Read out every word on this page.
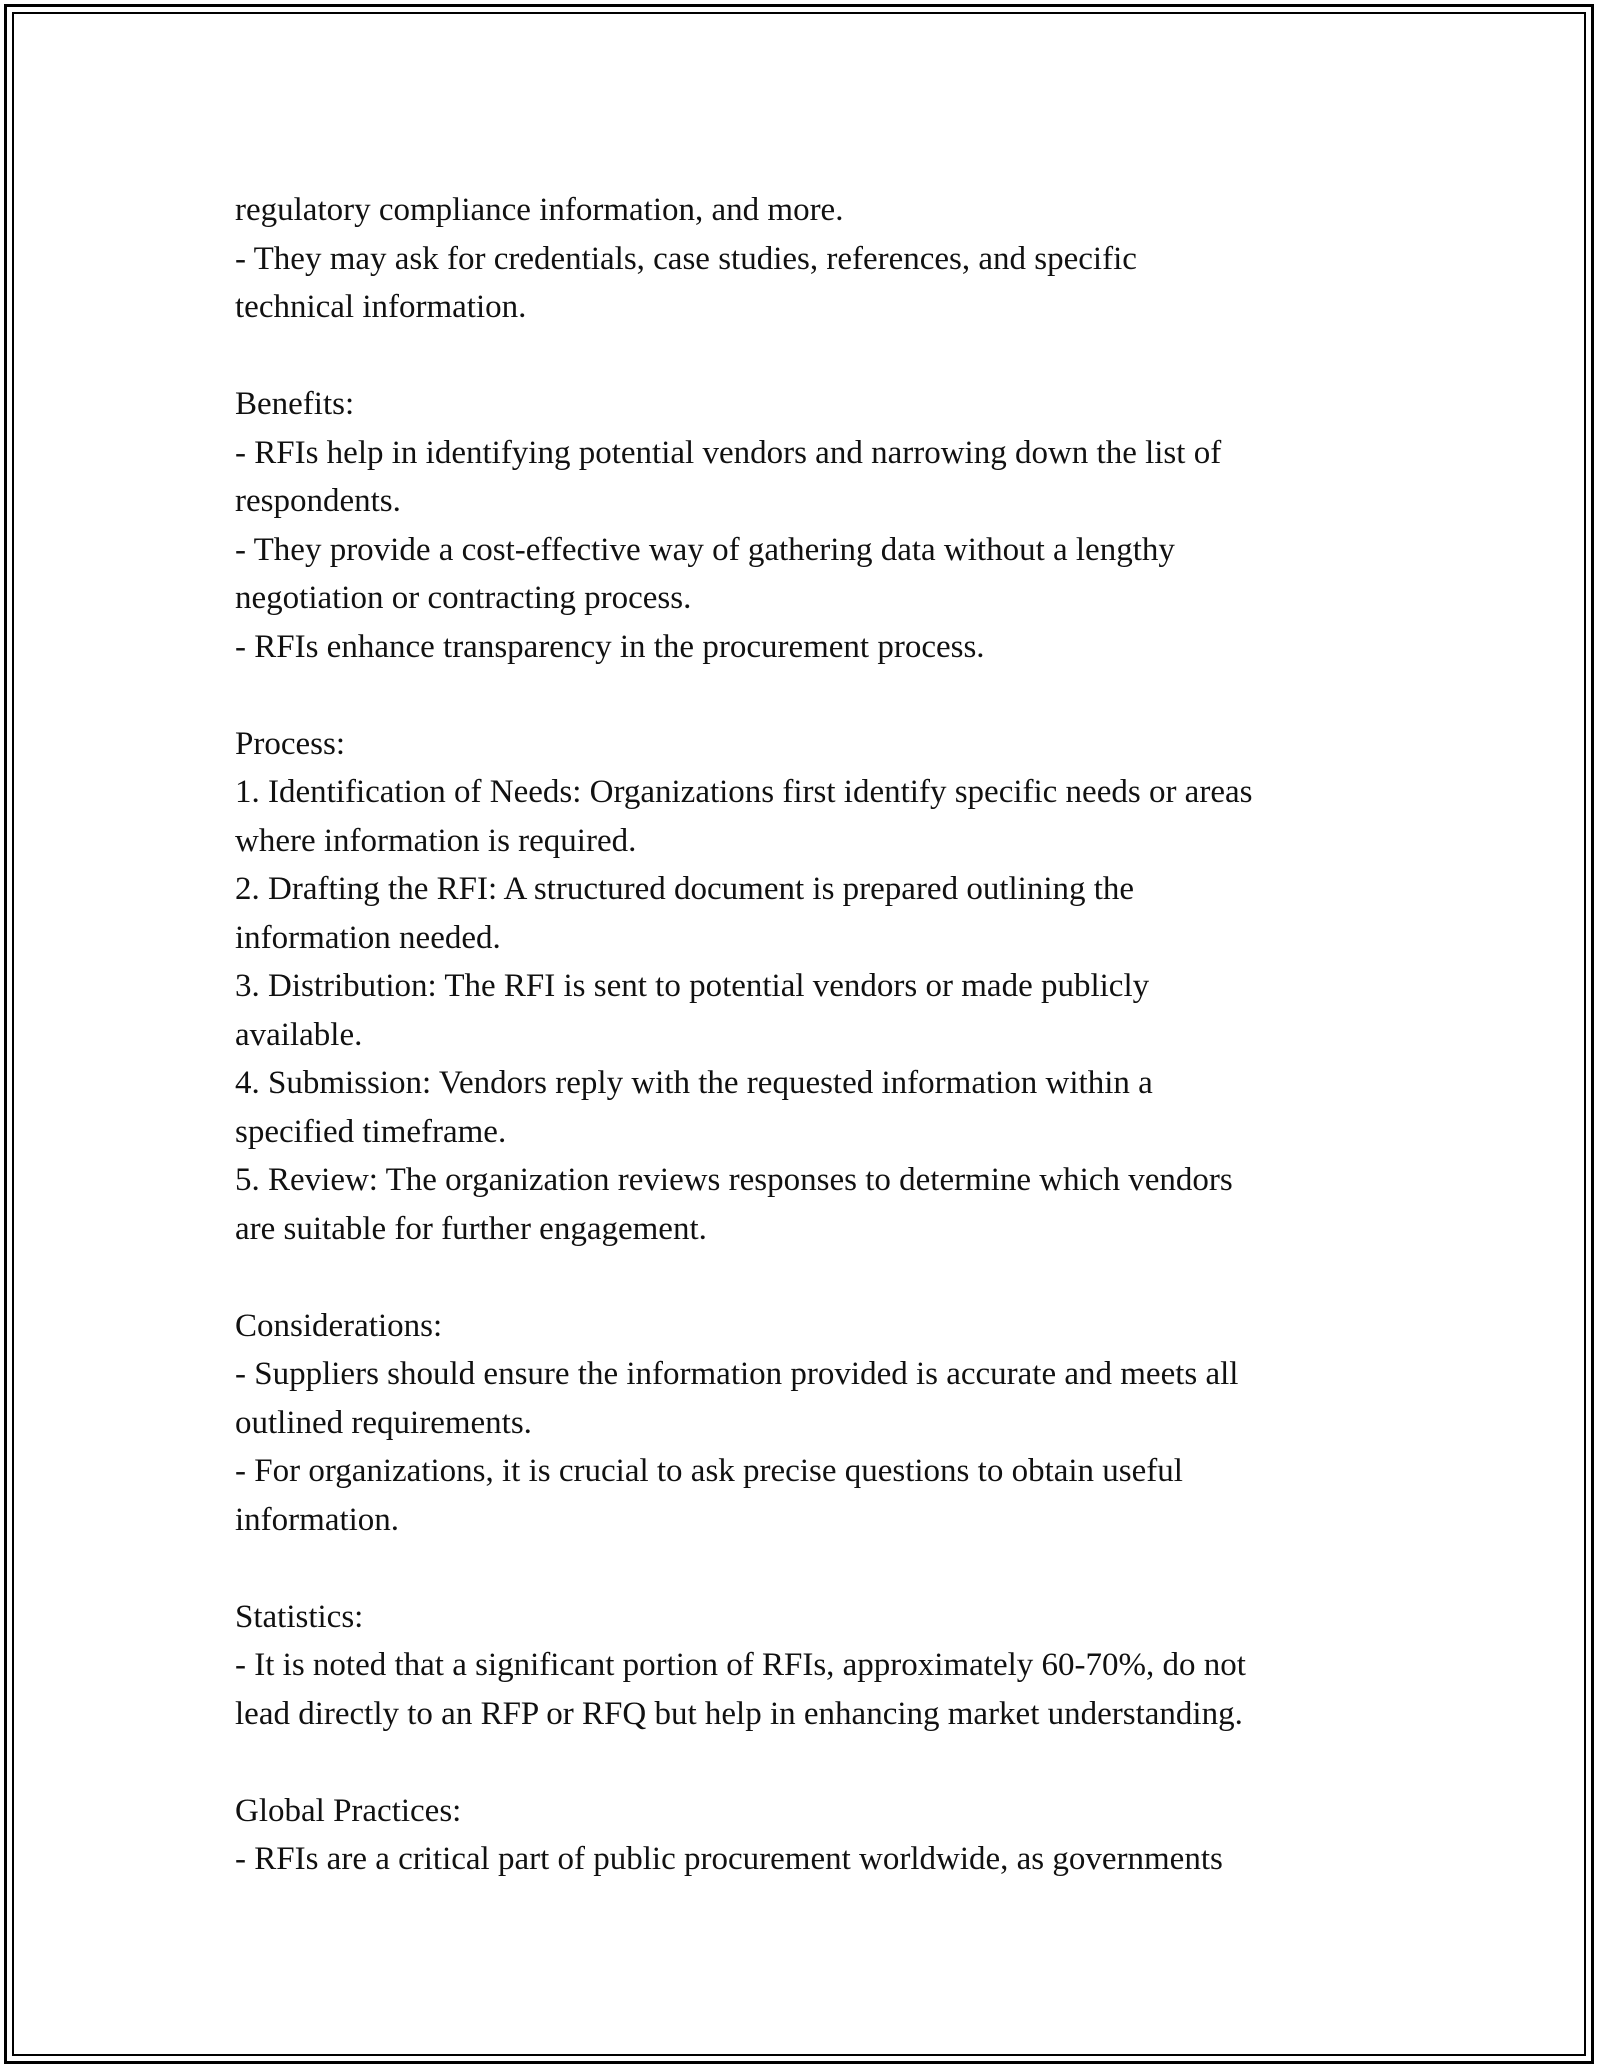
regulatory compliance information, and more.
- They may ask for credentials, case studies, references, and specific
technical information.
Benefits:
- RFIs help in identifying potential vendors and narrowing down the list of
respondents.
- They provide a cost-effective way of gathering data without a lengthy
negotiation or contracting process.
- RFIs enhance transparency in the procurement process.
Process:
1. Identification of Needs: Organizations first identify specific needs or areas
where information is required.
2. Drafting the RFI: A structured document is prepared outlining the
information needed.
3. Distribution: The RFI is sent to potential vendors or made publicly
available.
4. Submission: Vendors reply with the requested information within a
specified timeframe.
5. Review: The organization reviews responses to determine which vendors
are suitable for further engagement.
Considerations:
- Suppliers should ensure the information provided is accurate and meets all
outlined requirements.
- For organizations, it is crucial to ask precise questions to obtain useful
information.
Statistics:
- It is noted that a significant portion of RFIs, approximately 60-70%, do not
lead directly to an RFP or RFQ but help in enhancing market understanding.
Global Practices:
- RFIs are a critical part of public procurement worldwide, as governments
